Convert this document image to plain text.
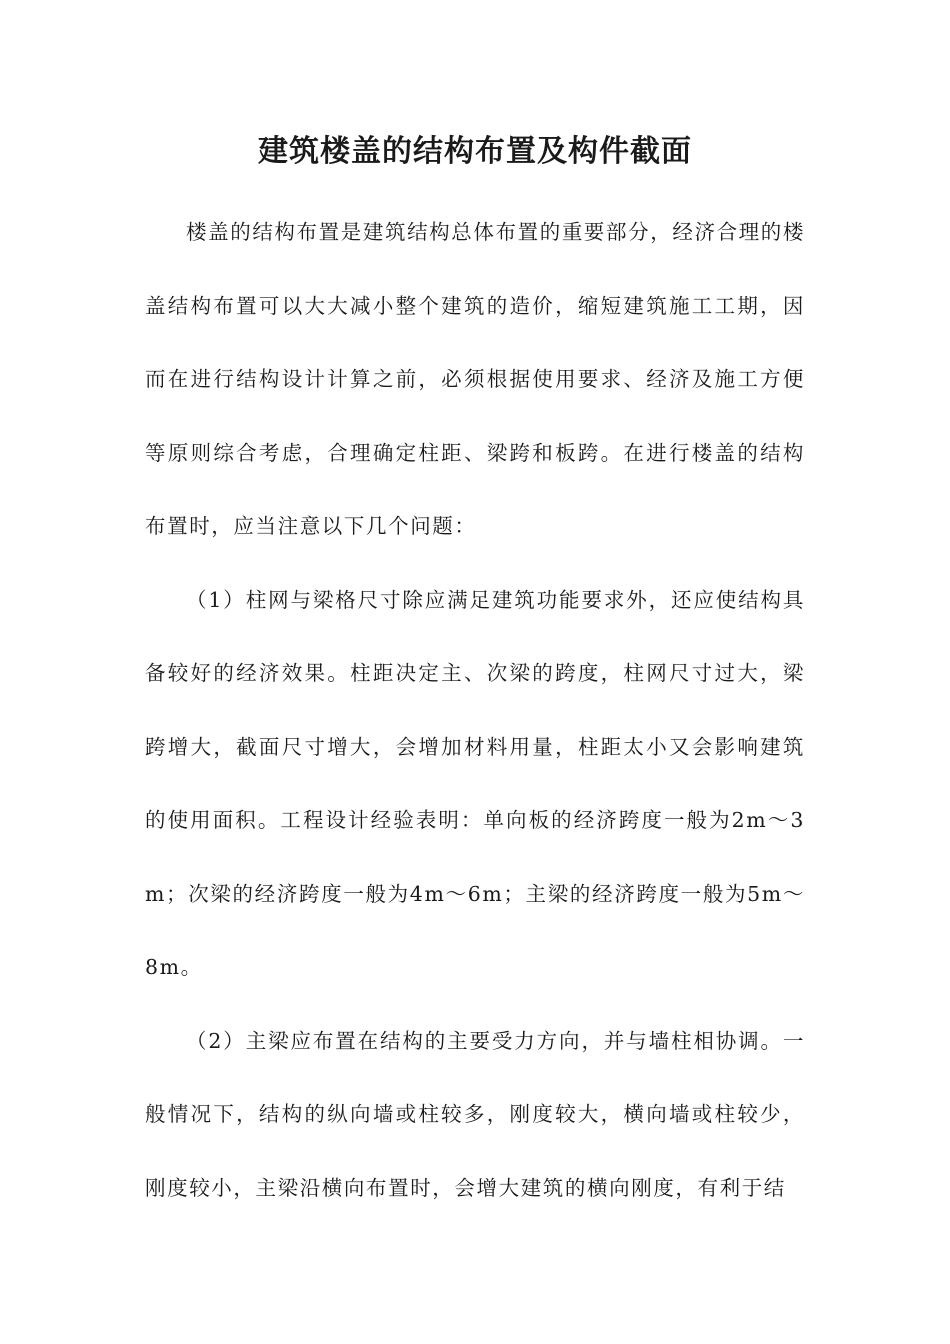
建筑楼盖的结构布置及构件截面

楼盖的结构布置是建筑结构总体布置的重要部分，经济合理的楼盖结构布置可以大大减小整个建筑的造价，缩短建筑施工工期，因而在进行结构设计计算之前，必须根据使用要求、经济及施工方便等原则综合考虑，合理确定柱距、梁跨和板跨。在进行楼盖的结构布置时，应当注意以下几个问题：

（1）柱网与梁格尺寸除应满足建筑功能要求外，还应使结构具备较好的经济效果。柱距决定主、次梁的跨度，柱网尺寸过大，梁跨增大，截面尺寸增大，会增加材料用量，柱距太小又会影响建筑的使用面积。工程设计经验表明：单向板的经济跨度一般为2m～3m；次梁的经济跨度一般为4m～6m；主梁的经济跨度一般为5m～8m。

（2）主梁应布置在结构的主要受力方向，并与墙柱相协调。一般情况下，结构的纵向墙或柱较多，刚度较大，横向墙或柱较少，刚度较小，主梁沿横向布置时，会增大建筑的横向刚度，有利于结
